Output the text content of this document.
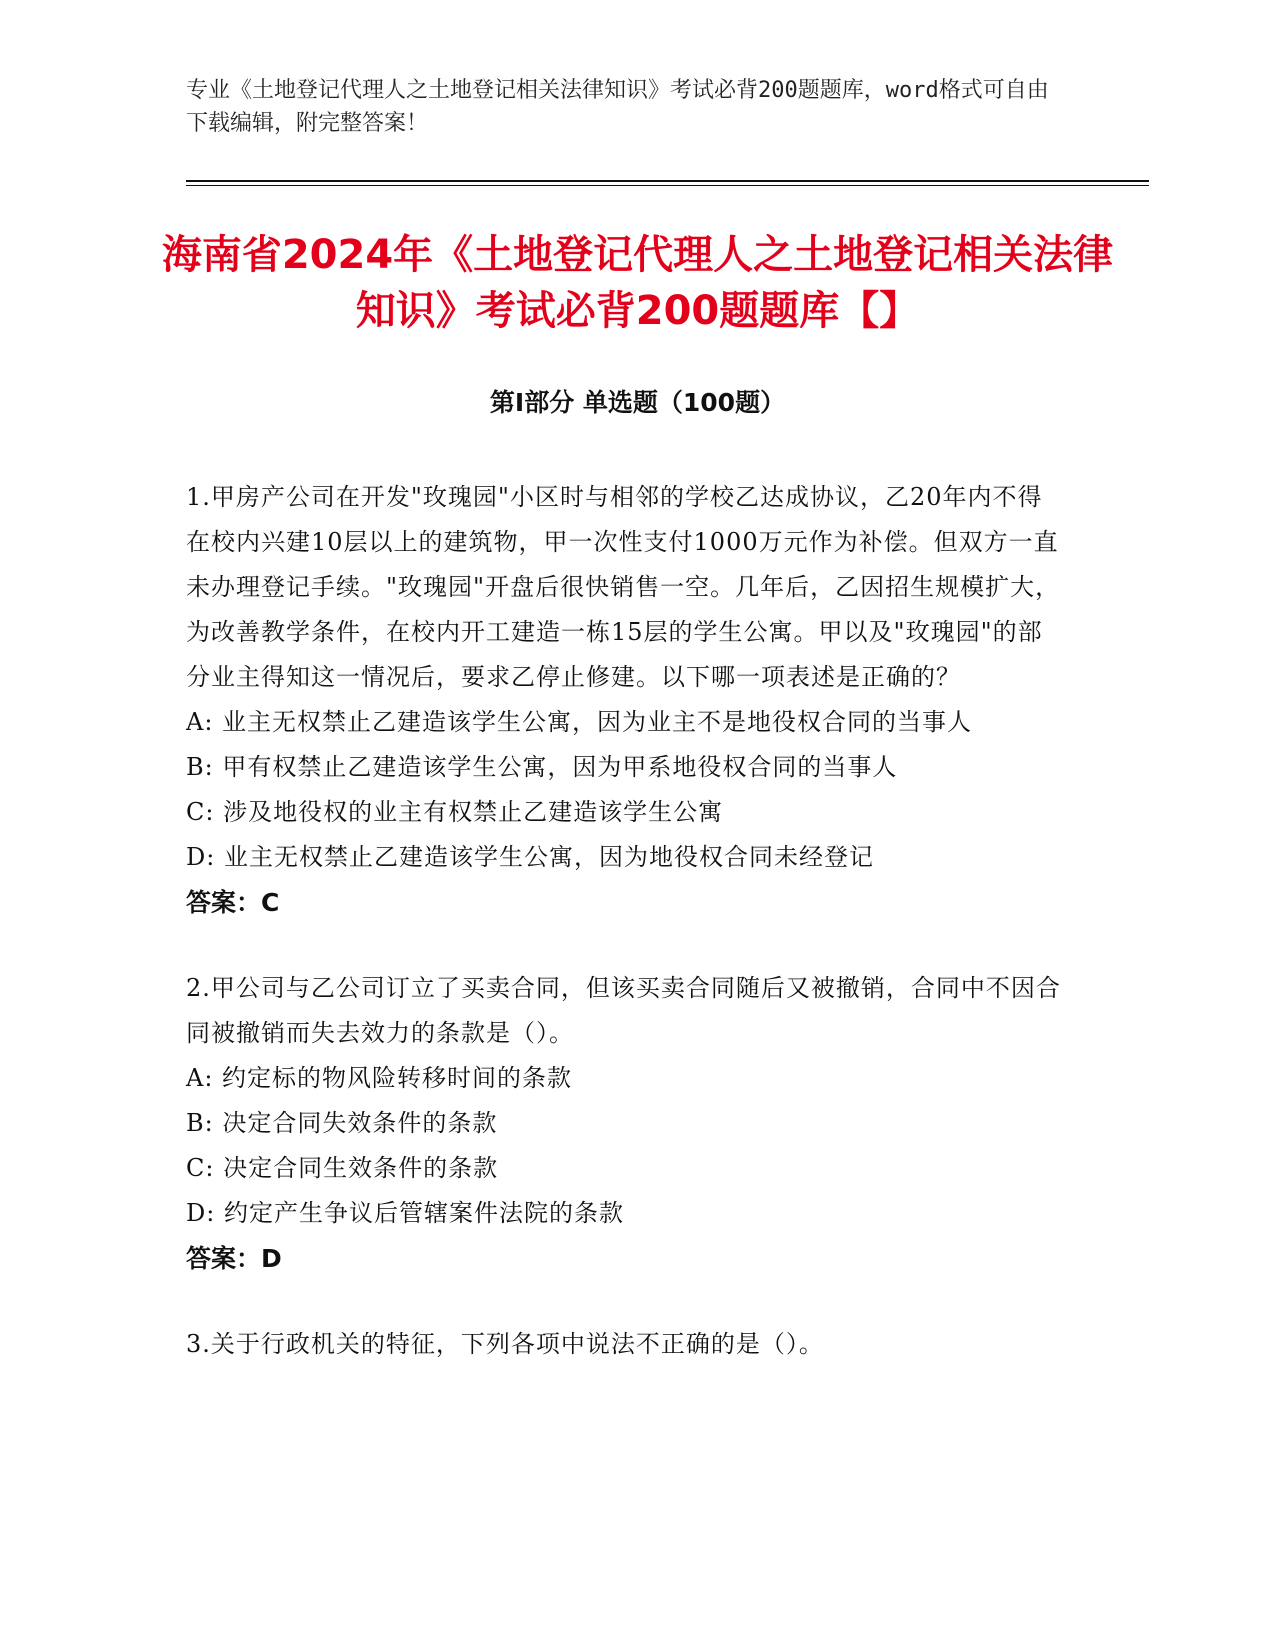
专业《土地登记代理人之土地登记相关法律知识》考试必背200题题库，word格式可自由下载编辑，附完整答案！
海南省2024年《土地登记代理人之土地登记相关法律知识》考试必背200题题库【】
第Ⅰ部分 单选题（100题）
1.甲房产公司在开发"玫瑰园"小区时与相邻的学校乙达成协议，乙20年内不得在校内兴建10层以上的建筑物，甲一次性支付1000万元作为补偿。但双方一直未办理登记手续。"玫瑰园"开盘后很快销售一空。几年后，乙因招生规模扩大，为改善教学条件，在校内开工建造一栋15层的学生公寓。甲以及"玫瑰园"的部分业主得知这一情况后，要求乙停止修建。以下哪一项表述是正确的？
A: 业主无权禁止乙建造该学生公寓，因为业主不是地役权合同的当事人
B: 甲有权禁止乙建造该学生公寓，因为甲系地役权合同的当事人
C: 涉及地役权的业主有权禁止乙建造该学生公寓
D: 业主无权禁止乙建造该学生公寓，因为地役权合同未经登记
答案：C
2.甲公司与乙公司订立了买卖合同，但该买卖合同随后又被撤销，合同中不因合同被撤销而失去效力的条款是（）。
A: 约定标的物风险转移时间的条款
B: 决定合同失效条件的条款
C: 决定合同生效条件的条款
D: 约定产生争议后管辖案件法院的条款
答案：D
3.关于行政机关的特征，下列各项中说法不正确的是（）。
